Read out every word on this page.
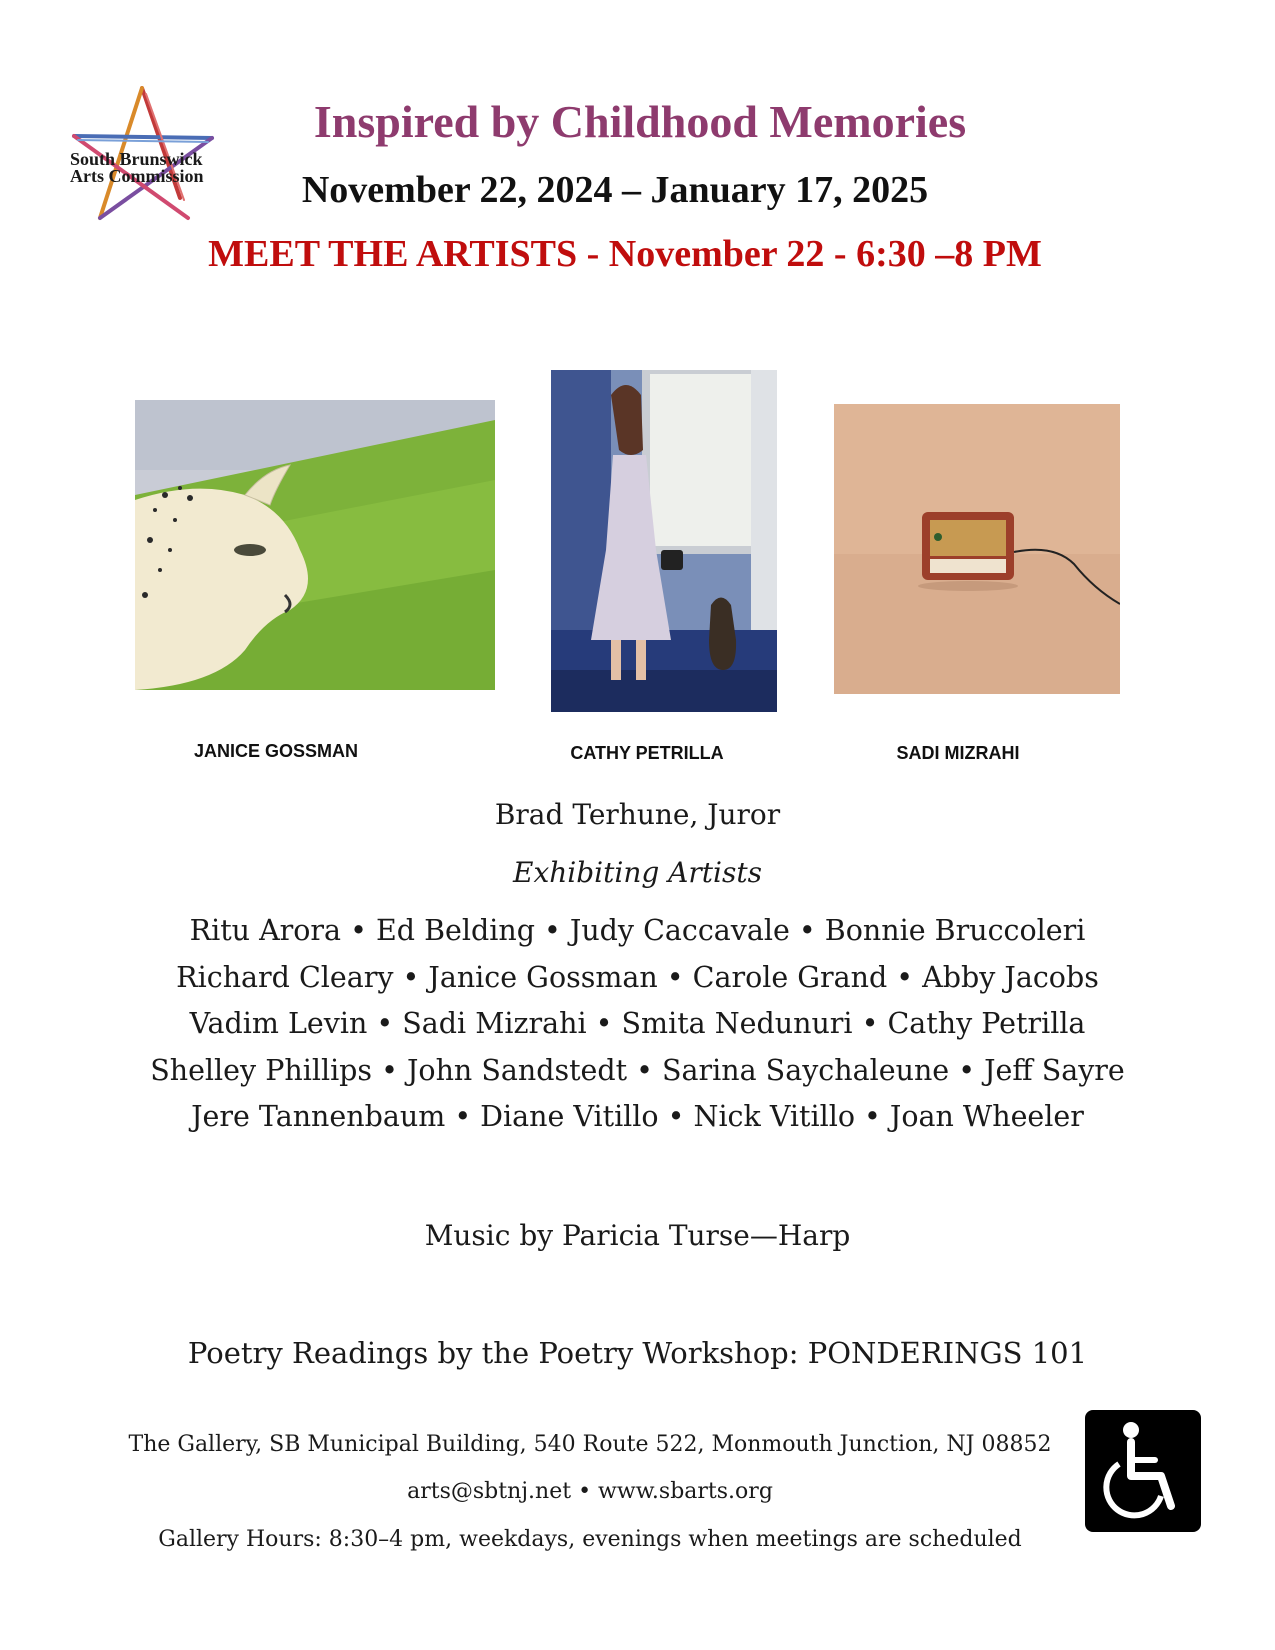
South Brunswick
Arts Commission
Inspired by Childhood Memories
November 22, 2024 – January 17, 2025
MEET THE ARTISTS - November 22 - 6:30 –8 PM
JANICE GOSSMAN	CATHY PETRILLA	SADI MIZRAHI
Brad Terhune, Juror
Exhibiting Artists
Ritu Arora • Ed Belding • Judy Caccavale • Bonnie Bruccoleri
Richard Cleary • Janice Gossman • Carole Grand • Abby Jacobs
Vadim Levin • Sadi Mizrahi • Smita Nedunuri • Cathy Petrilla
Shelley Phillips • John Sandstedt • Sarina Saychaleune • Jeff Sayre
Jere Tannenbaum • Diane Vitillo • Nick Vitillo • Joan Wheeler
Music by Paricia Turse—Harp
Poetry Readings by the Poetry Workshop: PONDERINGS 101
The Gallery, SB Municipal Building, 540 Route 522, Monmouth Junction, NJ 08852
arts@sbtnj.net • www.sbarts.org
Gallery Hours: 8:30–4 pm, weekdays, evenings when meetings are scheduled
